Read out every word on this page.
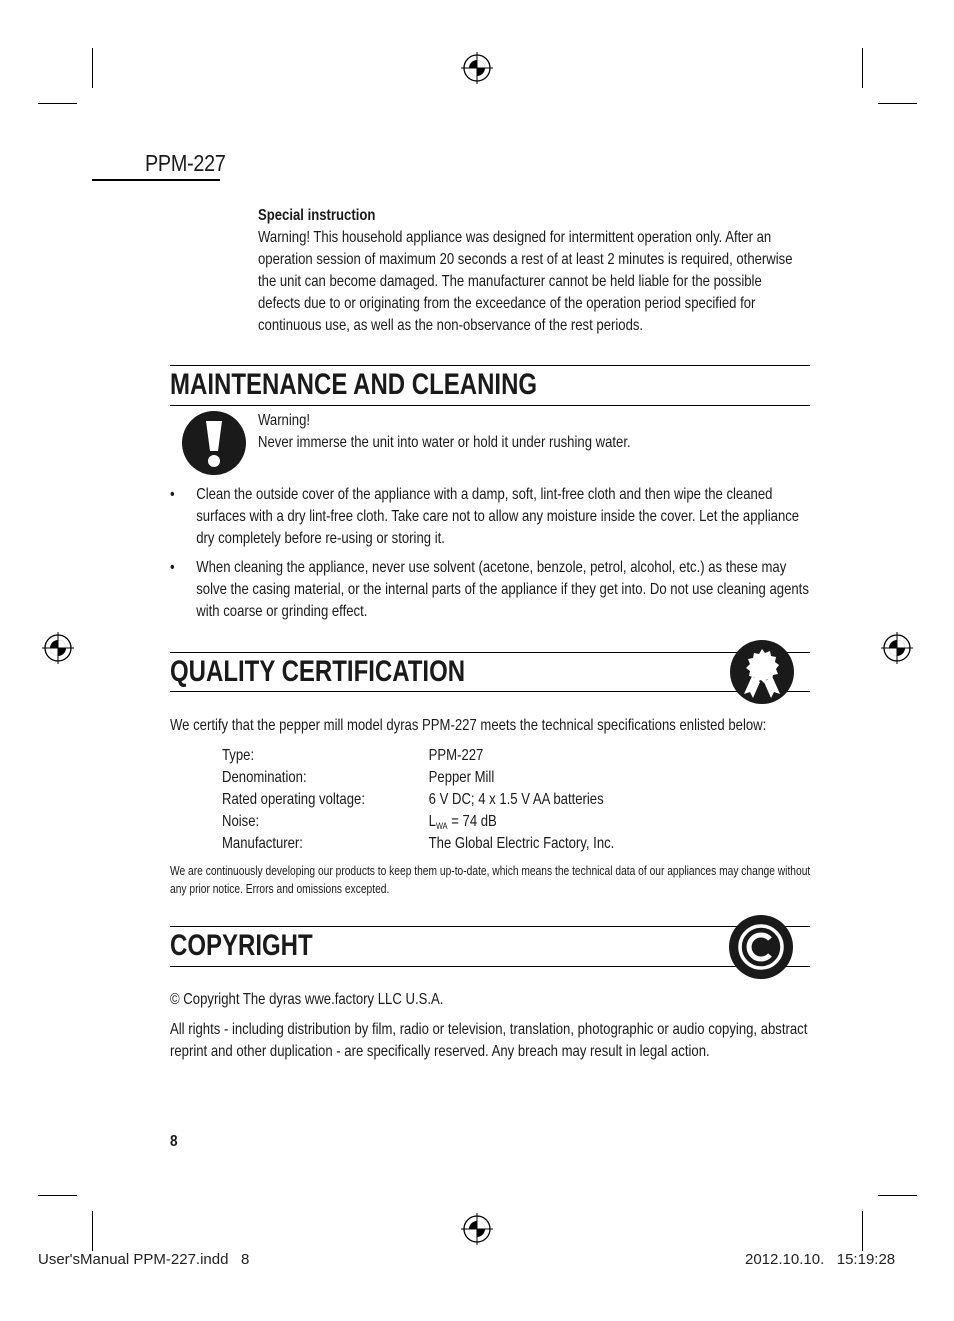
PPM-227
Special instruction
Warning! This household appliance was designed for intermittent operation only. After an operation session of maximum 20 seconds a rest of at least 2 minutes is required, otherwise the unit can become damaged. The manufacturer cannot be held liable for the possible defects due to or originating from the exceedance of the operation period specified for continuous use, as well as the non-observance of the rest periods.
MAINTENANCE AND CLEANING
Warning!
Never immerse the unit into water or hold it under rushing water.
•	Clean the outside cover of the appliance with a damp, soft, lint-free cloth and then wipe the cleaned surfaces with a dry lint-free cloth. Take care not to allow any moisture inside the cover. Let the appliance dry completely before re-using or storing it.
•	When cleaning the appliance, never use solvent (acetone, benzole, petrol, alcohol, etc.) as these may solve the casing material, or the internal parts of the appliance if they get into. Do not use cleaning agents with coarse or grinding effect.
QUALITY CERTIFICATION
We certify that the pepper mill model dyras PPM-227 meets the technical specifications enlisted below:
Type:	PPM-227
Denomination:	Pepper Mill
Rated operating voltage:	6 V DC; 4 x 1.5 V AA batteries
Noise:	$L_{WA} = 74$ dB
Manufacturer:	The Global Electric Factory, Inc.
We are continuously developing our products to keep them up-to-date, which means the technical data of our appliances may change without any prior notice. Errors and omissions excepted.
COPYRIGHT
© Copyright The dyras wwe.factory LLC U.S.A.
All rights - including distribution by film, radio or television, translation, photographic or audio copying, abstract reprint and other duplication - are specifically reserved. Any breach may result in legal action.
8
User'sManual PPM-227.indd   8	2012.10.10.   15:19:28
